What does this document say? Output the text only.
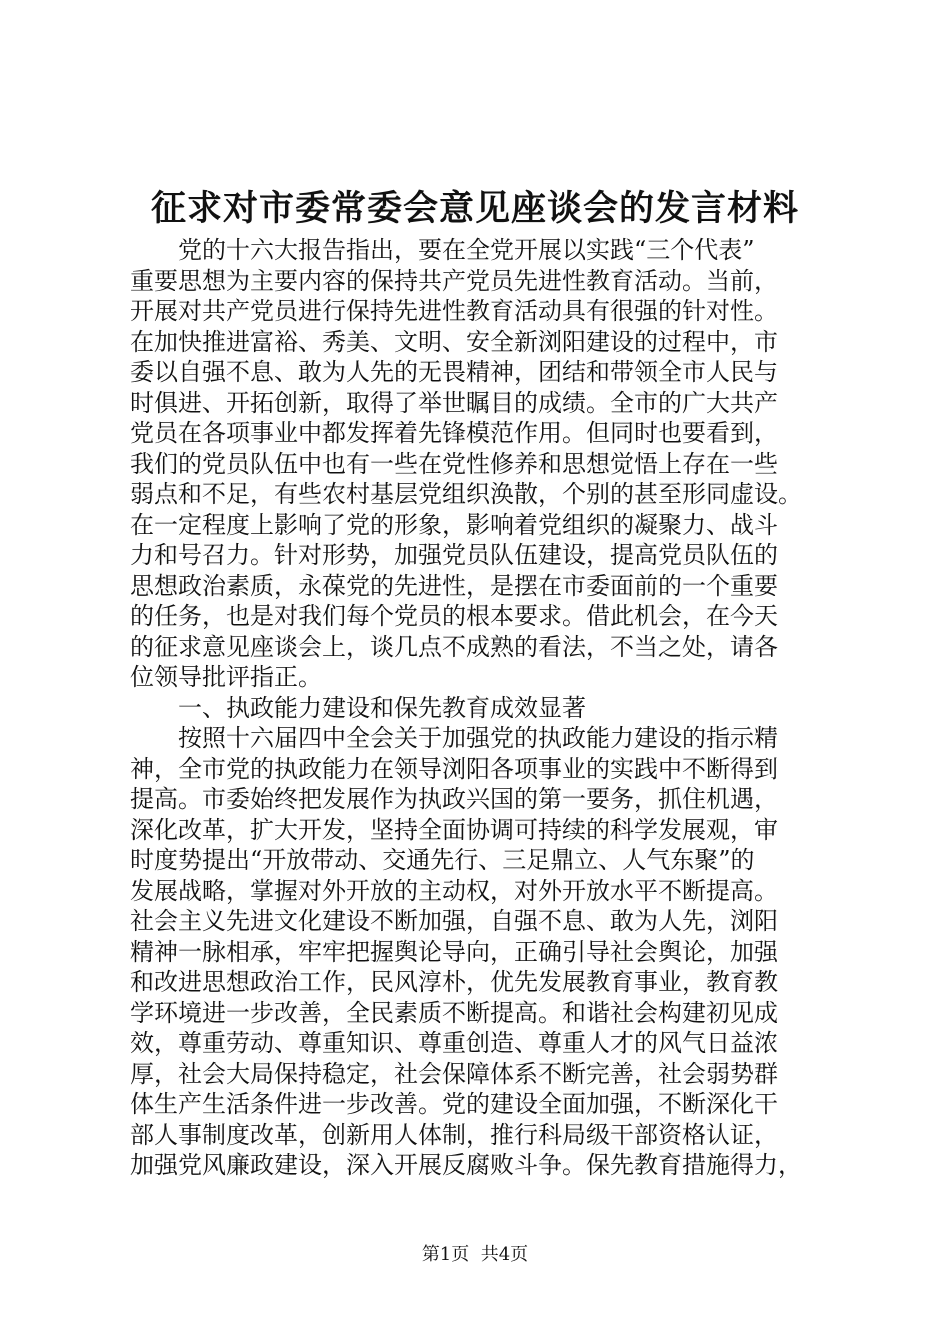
征求对市委常委会意见座谈会的发言材料
　　党的十六大报告指出，要在全党开展以实践“三个代表”
重要思想为主要内容的保持共产党员先进性教育活动。当前，
开展对共产党员进行保持先进性教育活动具有很强的针对性。
在加快推进富裕、秀美、文明、安全新浏阳建设的过程中，市
委以自强不息、敢为人先的无畏精神，团结和带领全市人民与
时俱进、开拓创新，取得了举世瞩目的成绩。全市的广大共产
党员在各项事业中都发挥着先锋模范作用。但同时也要看到，
我们的党员队伍中也有一些在党性修养和思想觉悟上存在一些
弱点和不足，有些农村基层党组织涣散，个别的甚至形同虚设。
在一定程度上影响了党的形象，影响着党组织的凝聚力、战斗
力和号召力。针对形势，加强党员队伍建设，提高党员队伍的
思想政治素质，永葆党的先进性，是摆在市委面前的一个重要
的任务，也是对我们每个党员的根本要求。借此机会，在今天
的征求意见座谈会上，谈几点不成熟的看法，不当之处，请各
位领导批评指正。
　　一、执政能力建设和保先教育成效显著
　　按照十六届四中全会关于加强党的执政能力建设的指示精
神，全市党的执政能力在领导浏阳各项事业的实践中不断得到
提高。市委始终把发展作为执政兴国的第一要务，抓住机遇，
深化改革，扩大开发，坚持全面协调可持续的科学发展观，审
时度势提出“开放带动、交通先行、三足鼎立、人气东聚”的
发展战略，掌握对外开放的主动权，对外开放水平不断提高。
社会主义先进文化建设不断加强，自强不息、敢为人先，浏阳
精神一脉相承，牢牢把握舆论导向，正确引导社会舆论，加强
和改进思想政治工作，民风淳朴，优先发展教育事业，教育教
学环境进一步改善，全民素质不断提高。和谐社会构建初见成
效，尊重劳动、尊重知识、尊重创造、尊重人才的风气日益浓
厚，社会大局保持稳定，社会保障体系不断完善，社会弱势群
体生产生活条件进一步改善。党的建设全面加强，不断深化干
部人事制度改革，创新用人体制，推行科局级干部资格认证，
加强党风廉政建设，深入开展反腐败斗争。保先教育措施得力，
第1页  共4页
